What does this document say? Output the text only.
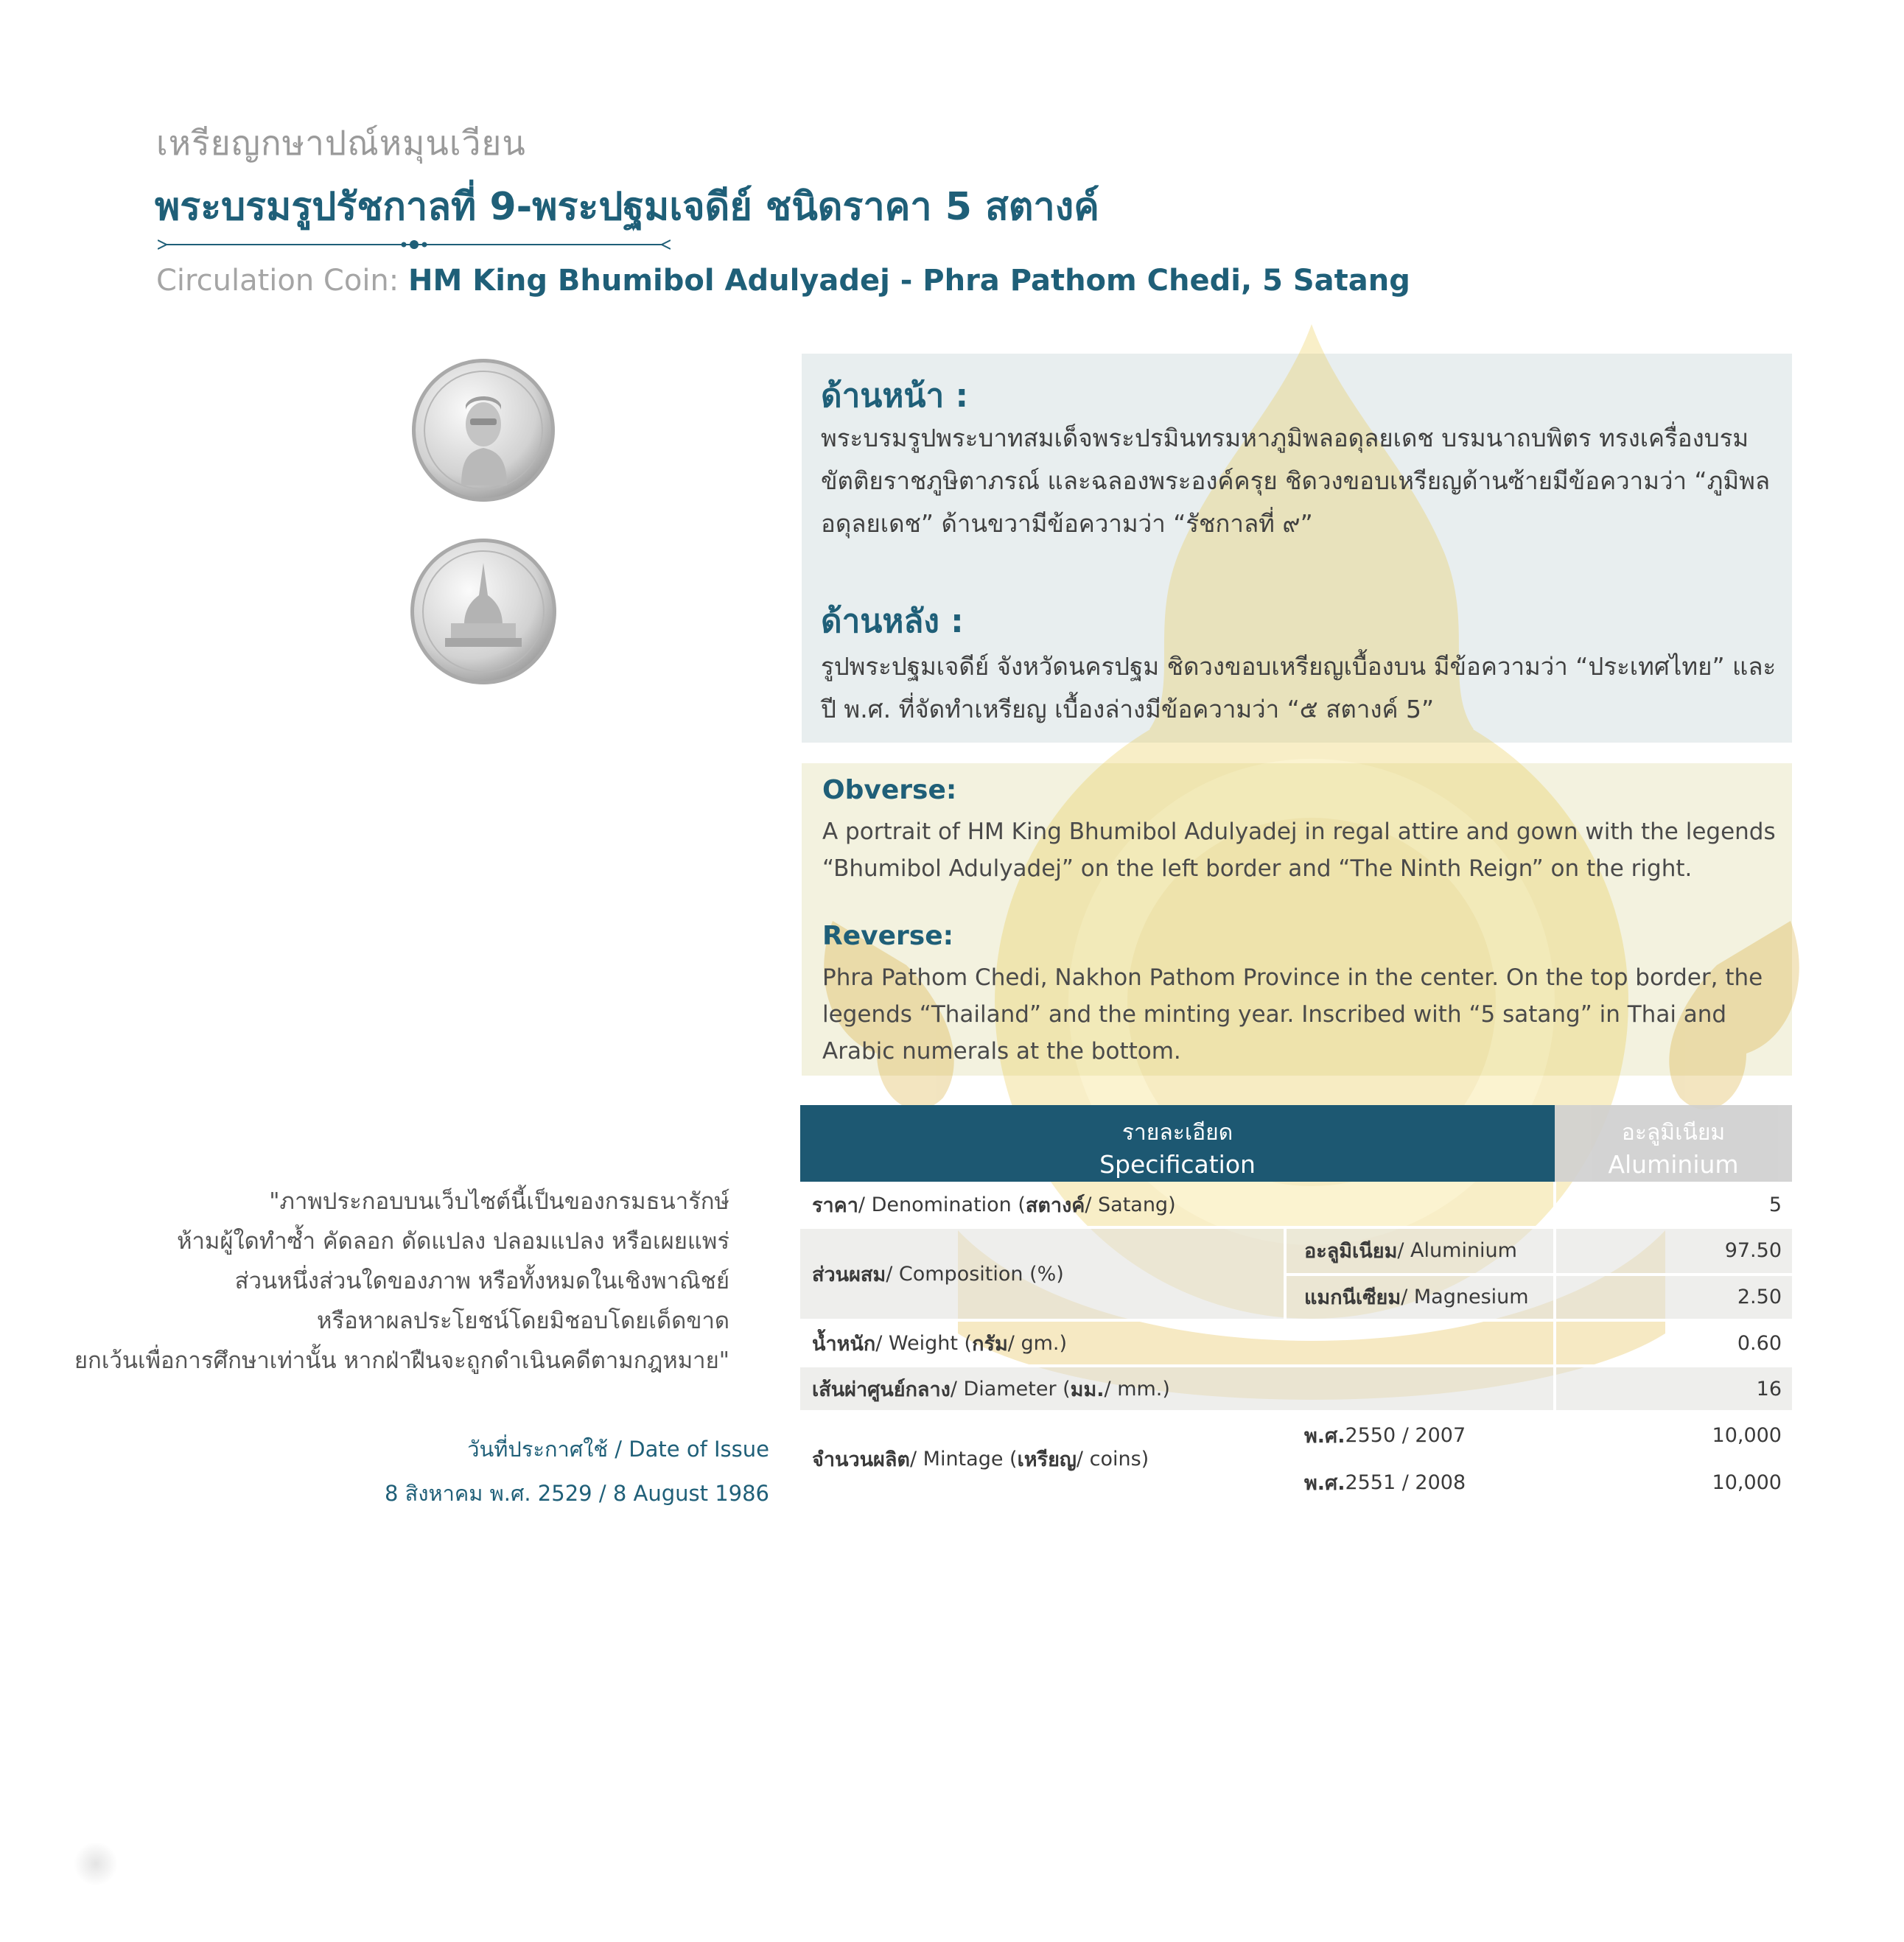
เหรียญกษาปณ์หมุนเวียน
พระบรมรูปรัชกาลที่ 9-พระปฐมเจดีย์ ชนิดราคา 5 สตางค์
Circulation Coin: HM King Bhumibol Adulyadej - Phra Pathom Chedi, 5 Satang
ด้านหน้า :
พระบรมรูปพระบาทสมเด็จพระปรมินทรมหาภูมิพลอดุลยเดช บรมนาถบพิตร ทรงเครื่องบรมขัตติยราชภูษิตาภรณ์ และฉลองพระองค์ครุย ชิดวงขอบเหรียญด้านซ้ายมีข้อความว่า “ภูมิพลอดุลยเดช” ด้านขวามีข้อความว่า “รัชกาลที่ ๙”
ด้านหลัง :
รูปพระปฐมเจดีย์ จังหวัดนครปฐม ชิดวงขอบเหรียญเบื้องบน มีข้อความว่า “ประเทศไทย” และปี พ.ศ. ที่จัดทำเหรียญ เบื้องล่างมีข้อความว่า “๕ สตางค์ 5”
Obverse:
A portrait of HM King Bhumibol Adulyadej in regal attire and gown with the legends “Bhumibol Adulyadej” on the left border and “The Ninth Reign” on the right.
Reverse:
Phra Pathom Chedi, Nakhon Pathom Province in the center. On the top border, the legends “Thailand” and the minting year. Inscribed with “5 satang” in Thai and Arabic numerals at the bottom.
รายละเอียด
Specification
อะลูมิเนียม
Aluminium
ราคา / Denomination ( สตางค์ / Satang)	5
ส่วนผสม / Composition (%)
อะลูมิเนียม / Aluminium	97.50
แมกนีเซียม / Magnesium	2.50
น้ำหนัก / Weight ( กรัม / gm.)	0.60
เส้นผ่าศูนย์กลาง / Diameter ( มม. / mm.)	16
จำนวนผลิต / Mintage ( เหรียญ / coins)
พ.ศ. 2550 / 2007	10,000
พ.ศ. 2551 / 2008	10,000
"ภาพประกอบบนเว็บไซต์นี้เป็นของกรมธนารักษ์
ห้ามผู้ใดทำซ้ำ คัดลอก ดัดแปลง ปลอมแปลง หรือเผยแพร่
ส่วนหนึ่งส่วนใดของภาพ หรือทั้งหมดในเชิงพาณิชย์
หรือหาผลประโยชน์โดยมิชอบโดยเด็ดขาด
ยกเว้นเพื่อการศึกษาเท่านั้น หากฝ่าฝืนจะถูกดำเนินคดีตามกฎหมาย"
วันที่ประกาศใช้ / Date of Issue
8 สิงหาคม พ.ศ. 2529 / 8 August 1986
